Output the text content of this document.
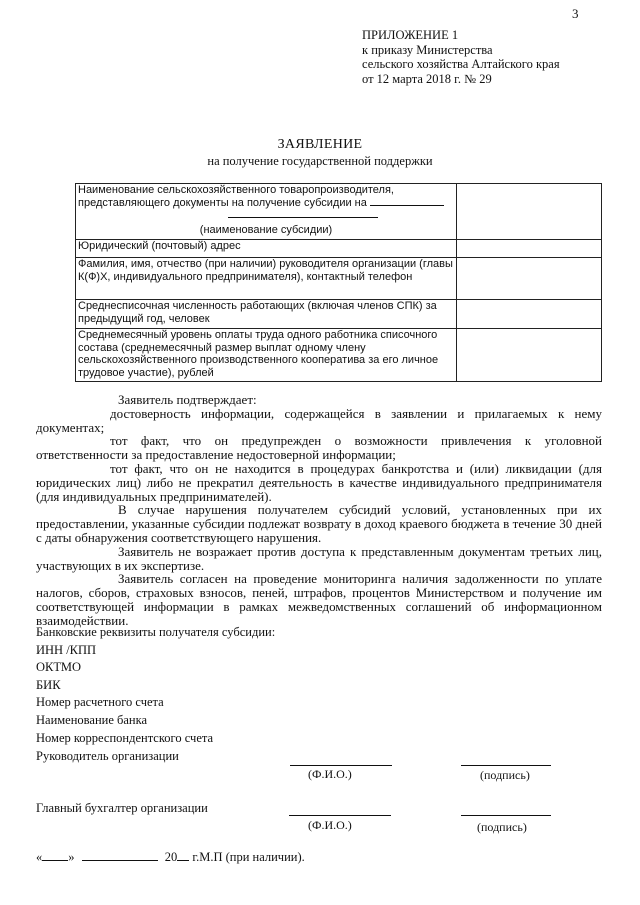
3
ПРИЛОЖЕНИЕ 1
к приказу Министерства
сельского хозяйства Алтайского края
от 12 марта 2018 г. № 29
ЗАЯВЛЕНИЕ
на получение государственной поддержки
Наименование сельскохозяйственного товаропроизводителя, представляющего документы на получение субсидии на
(наименование субсидии)	

Юридический (почтовый) адрес	
Фамилия, имя, отчество (при наличии) руководителя организации (главы К(Ф)Х, индивидуального предпринимателя), контактный телефон	
Среднесписочная численность работающих (включая членов СПК) за предыдущий год, человек	
Среднемесячный уровень оплаты труда одного работника списочного состава (среднемесячный размер выплат одному члену сельскохозяйственного производственного кооператива за его личное трудовое участие), рублей	

Заявитель подтверждает:

достоверность информации, содержащейся в заявлении и прилагаемых к нему документах;

тот факт, что он предупрежден о возможности привлечения к уголовной ответственности за предоставление недостоверной информации;

тот факт, что он не находится в процедурах банкротства и (или) ликвидации (для юридических лиц) либо не прекратил деятельность в качестве индивидуального предпринимателя (для индивидуальных предпринимателей).

В случае нарушения получателем субсидий условий, установленных при их предоставлении, указанные субсидии подлежат возврату в доход краевого бюджета в течение 30 дней с даты обнаружения соответствующего нарушения.

Заявитель не возражает против доступа к представленным документам третьих лиц, участвующих в их экспертизе.

Заявитель согласен на проведение мониторинга наличия задолженности по уплате налогов, сборов, страховых взносов, пеней, штрафов, процентов Министерством и получение им соответствующей информации в рамках межведомственных соглашений об информационном взаимодействии.

Банковские реквизиты получателя субсидии:
ИНН /КПП
ОКТМО
БИК
Номер расчетного счета
Наименование банка
Номер корреспондентского счета
Руководитель организации
(Ф.И.О.)	(подпись)
Главный бухгалтер организации
(Ф.И.О.)	(подпись)
« »	20 г.М.П (при наличии).
